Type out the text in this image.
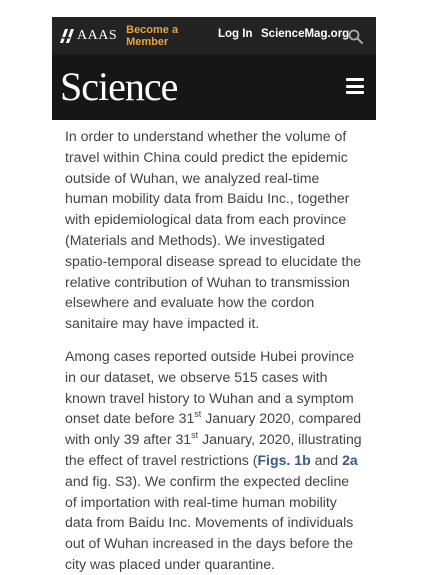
AAAS Become a
Member
Log In ScienceMag.org
Science

In order to understand whether the volume of travel within China could predict the epidemic outside of Wuhan, we analyzed real-time human mobility data from Baidu Inc., together with epidemiological data from each province (Materials and Methods). We investigated spatio-temporal disease spread to elucidate the relative contribution of Wuhan to transmission elsewhere and evaluate how the cordon sanitaire may have impacted it.

Among cases reported outside Hubei province in our dataset, we observe 515 cases with known travel history to Wuhan and a symptom onset date before 31st January 2020, compared with only 39 after 31st January, 2020, illustrating the effect of travel restrictions (Figs. 1b and 2a and fig. S3). We confirm the expected decline of importation with real-time human mobility data from Baidu Inc. Movements of individuals out of Wuhan increased in the days before the city was placed under quarantine.
